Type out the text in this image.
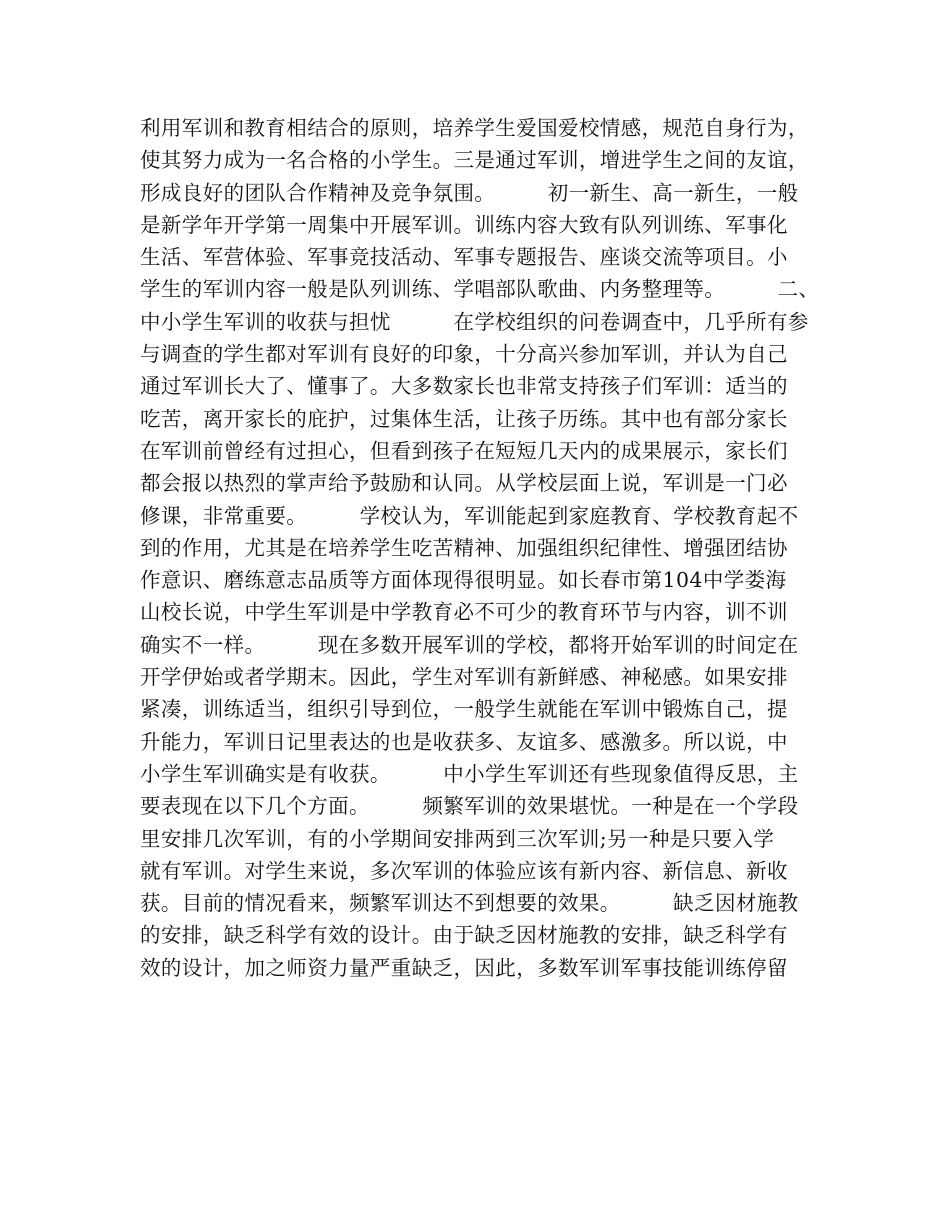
利用军训和教育相结合的原则，培养学生爱国爱校情感，规范自身行为，
使其努力成为一名合格的小学生。三是通过军训，增进学生之间的友谊，
形成良好的团队合作精神及竞争氛围。　　　初一新生、高一新生，一般
是新学年开学第一周集中开展军训。训练内容大致有队列训练、军事化
生活、军营体验、军事竞技活动、军事专题报告、座谈交流等项目。小
学生的军训内容一般是队列训练、学唱部队歌曲、内务整理等。　　　二、
中小学生军训的收获与担忧　　　在学校组织的问卷调查中，几乎所有参
与调查的学生都对军训有良好的印象，十分高兴参加军训，并认为自己
通过军训长大了、懂事了。大多数家长也非常支持孩子们军训：适当的
吃苦，离开家长的庇护，过集体生活，让孩子历练。其中也有部分家长
在军训前曾经有过担心，但看到孩子在短短几天内的成果展示，家长们
都会报以热烈的掌声给予鼓励和认同。从学校层面上说，军训是一门必
修课，非常重要。　　　学校认为，军训能起到家庭教育、学校教育起不
到的作用，尤其是在培养学生吃苦精神、加强组织纪律性、增强团结协
作意识、磨练意志品质等方面体现得很明显。如长春市第104中学娄海
山校长说，中学生军训是中学教育必不可少的教育环节与内容，训不训
确实不一样。　　　现在多数开展军训的学校，都将开始军训的时间定在
开学伊始或者学期末。因此，学生对军训有新鲜感、神秘感。如果安排
紧凑，训练适当，组织引导到位，一般学生就能在军训中锻炼自己，提
升能力，军训日记里表达的也是收获多、友谊多、感激多。所以说，中
小学生军训确实是有收获。　　　中小学生军训还有些现象值得反思，主
要表现在以下几个方面。　　　频繁军训的效果堪忧。一种是在一个学段
里安排几次军训，有的小学期间安排两到三次军训;另一种是只要入学
就有军训。对学生来说，多次军训的体验应该有新内容、新信息、新收
获。目前的情况看来，频繁军训达不到想要的效果。　　　缺乏因材施教
的安排，缺乏科学有效的设计。由于缺乏因材施教的安排，缺乏科学有
效的设计，加之师资力量严重缺乏，因此，多数军训军事技能训练停留
